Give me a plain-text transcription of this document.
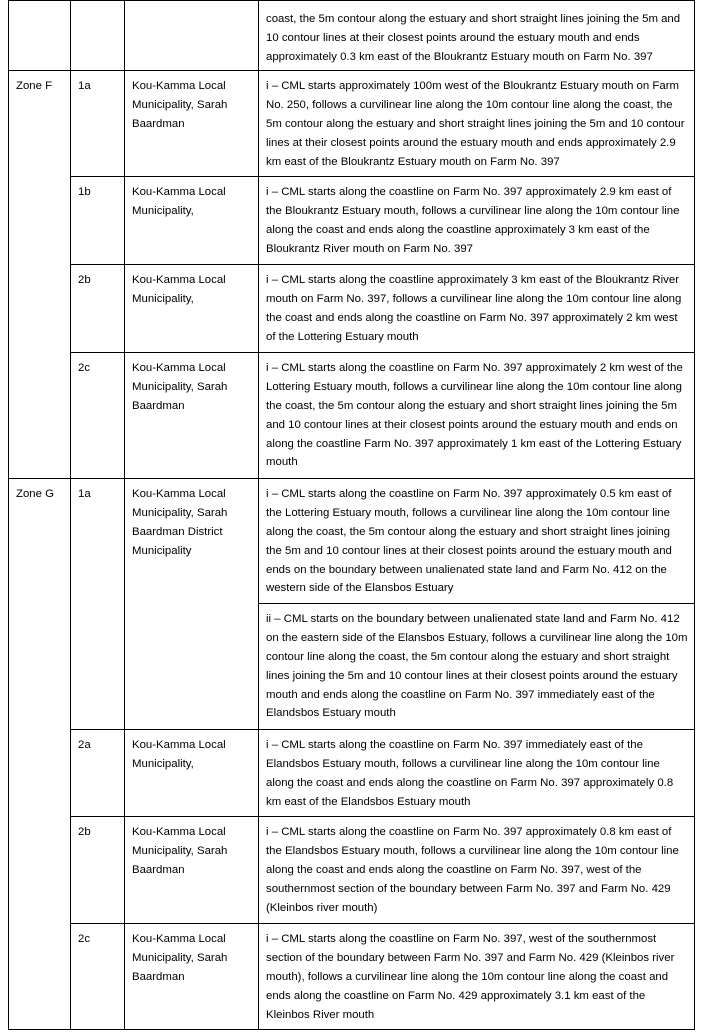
			coast, the 5m contour along the estuary and short straight lines joining the 5m and 10 contour lines at their closest points around the estuary mouth and ends approximately 0.3 km east of the Bloukrantz Estuary mouth on Farm No. 397

Zone F	1a	Kou-Kamma Local Municipality, Sarah Baardman	i – CML starts approximately 100m west of the Bloukrantz Estuary mouth on Farm No. 250, follows a curvilinear line along the 10m contour line along the coast, the 5m contour along the estuary and short straight lines joining the 5m and 10 contour lines at their closest points around the estuary mouth and ends approximately 2.9 km east of the Bloukrantz Estuary mouth on Farm No. 397

	1b	Kou-Kamma Local Municipality,	i – CML starts along the coastline on Farm No. 397 approximately 2.9 km east of the Bloukrantz Estuary mouth, follows a curvilinear line along the 10m contour line along the coast and ends along the coastline approximately 3 km east of the Bloukrantz River mouth on Farm No. 397

	2b	Kou-Kamma Local Municipality,	i – CML starts along the coastline approximately 3 km east of the Bloukrantz River mouth on Farm No. 397, follows a curvilinear line along the 10m contour line along the coast and ends along the coastline on Farm No. 397 approximately 2 km west of the Lottering Estuary mouth

	2c	Kou-Kamma Local Municipality, Sarah Baardman	i – CML starts along the coastline on Farm No. 397 approximately 2 km west of the Lottering Estuary mouth, follows a curvilinear line along the 10m contour line along the coast, the 5m contour along the estuary and short straight lines joining the 5m and 10 contour lines at their closest points around the estuary mouth and ends on along the coastline Farm No. 397 approximately 1 km east of the Lottering Estuary mouth

Zone G	1a	Kou-Kamma Local Municipality, Sarah Baardman District Municipality	i – CML starts along the coastline on Farm No. 397 approximately 0.5 km east of the Lottering Estuary mouth, follows a curvilinear line along the 10m contour line along the coast, the 5m contour along the estuary and short straight lines joining the 5m and 10 contour lines at their closest points around the estuary mouth and ends on the boundary between unalienated state land and Farm No. 412 on the western side of the Elansbos Estuary

			ii – CML starts on the boundary between unalienated state land and Farm No. 412 on the eastern side of the Elansbos Estuary, follows a curvilinear line along the 10m contour line along the coast, the 5m contour along the estuary and short straight lines joining the 5m and 10 contour lines at their closest points around the estuary mouth and ends along the coastline on Farm No. 397 immediately east of the Elandsbos Estuary mouth

	2a	Kou-Kamma Local Municipality,	i – CML starts along the coastline on Farm No. 397 immediately east of the Elandsbos Estuary mouth, follows a curvilinear line along the 10m contour line along the coast and ends along the coastline on Farm No. 397 approximately 0.8 km east of the Elandsbos Estuary mouth

	2b	Kou-Kamma Local Municipality, Sarah Baardman	i – CML starts along the coastline on Farm No. 397 approximately 0.8 km east of the Elandsbos Estuary mouth, follows a curvilinear line along the 10m contour line along the coast and ends along the coastline on Farm No. 397, west of the southernmost section of the boundary between Farm No. 397 and Farm No. 429 (Kleinbos river mouth)

	2c	Kou-Kamma Local Municipality, Sarah Baardman	i – CML starts along the coastline on Farm No. 397, west of the southernmost section of the boundary between Farm No. 397 and Farm No. 429 (Kleinbos river mouth), follows a curvilinear line along the 10m contour line along the coast and ends along the coastline on Farm No. 429 approximately 3.1 km east of the Kleinbos River mouth
